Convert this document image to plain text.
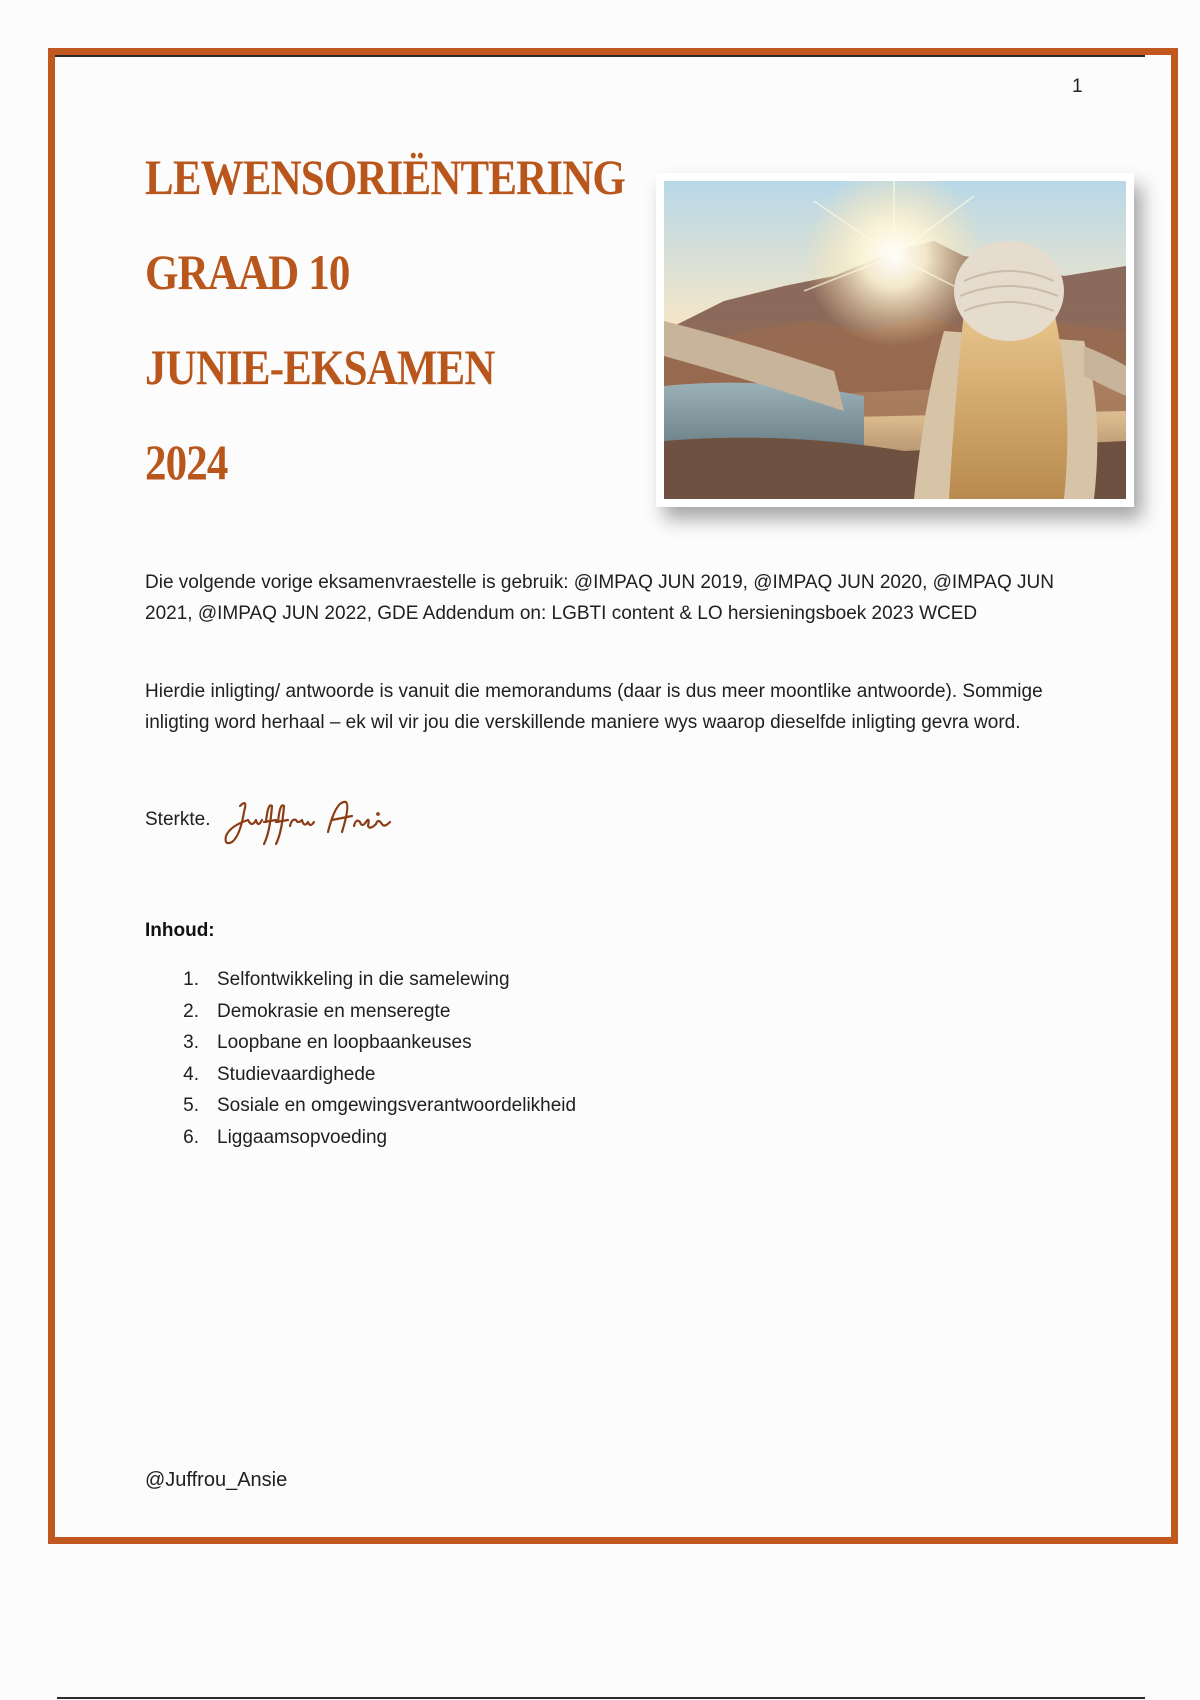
1
LEWENSORIËNTERING
GRAAD 10
JUNIE-EKSAMEN
2024

Die volgende vorige eksamenvraestelle is gebruik: @IMPAQ JUN 2019, @IMPAQ JUN 2020, @IMPAQ JUN 2021, @IMPAQ JUN 2022, GDE Addendum on: LGBTI content & LO hersieningsboek 2023 WCED

Hierdie inligting/ antwoorde is vanuit die memorandums (daar is dus meer moontlike antwoorde). Sommige inligting word herhaal – ek wil vir jou die verskillende maniere wys waarop dieselfde inligting gevra word.

Sterkte.
Inhoud:
1. Selfontwikkeling in die samelewing
2. Demokrasie en menseregte
3. Loopbane en loopbaankeuses
4. Studievaardighede
5. Sosiale en omgewingsverantwoordelikheid
6. Liggaamsopvoeding
@Juffrou_Ansie
